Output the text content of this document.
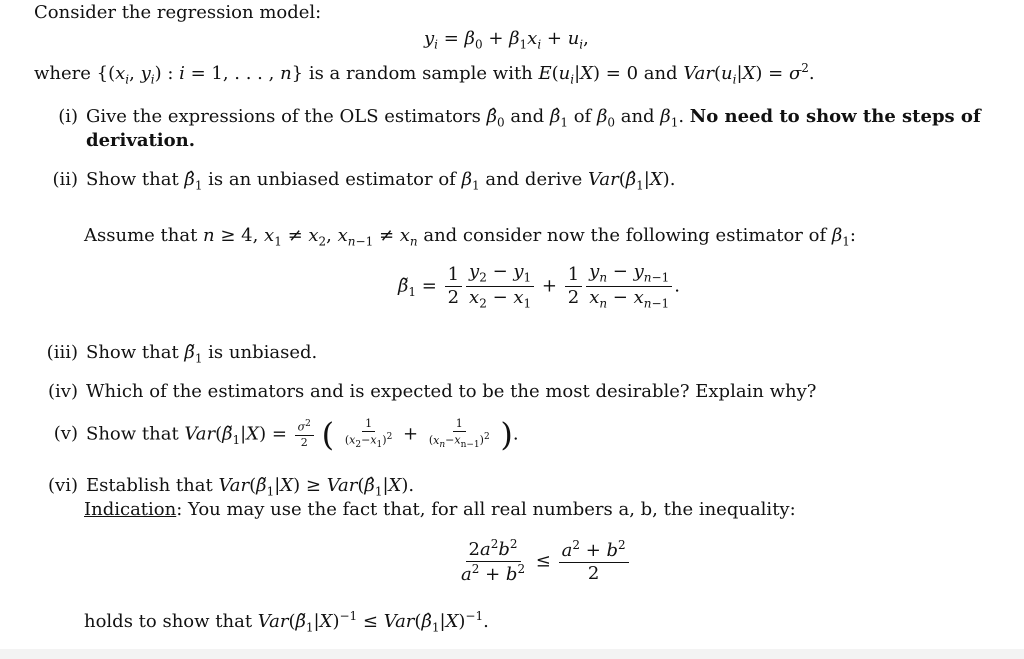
Consider the regression model:
$y_i = \beta_0 + \beta_1x_i + u_i$,
where {($x_i$, $y_i$) : i = 1, . . . , n} is a random sample with $E(u_i|X) = 0$ and $Var(u_i|X) = \sigma^2$.
(i) Give the expressions of the OLS estimators $\betâ_0$ and $\betâ_1$ of $\beta_0$ and $\beta_1$. No need to show the steps of
derivation.
(ii) Show that $\betâ_1$ is an unbiased estimator of $\beta_1$ and derive $Var(\betâ_1|X)$.
Assume that n ≥ 4, $x_1 \ne x_2$, $x_{n-1} \ne x_n$ and consider now the following estimator of $\beta_1$:
$\betã_1 = \frac{1}{2} \frac{y_2 - y_1}{x_2 - x_1} + \frac{1}{2} \frac{y_n - y_{n-1}}{x_n - x_{n-1}}$ .
(iii) Show that $\betã_1$ is unbiased.
(iv) Which of the estimators and is expected to be the most desirable? Explain why?
(v) Show that $Var(\betã_1|X) = \frac{\sigma^2}{2}$ ( $\frac{1}{(x_2-x_1)^2} + \frac{1}{(x_n-x_{n-1})^2}$ ).
(vi) Establish that $Var(\betã_1|X)$ ≥ $Var(\betâ_1|X)$.
Indication: You may use the fact that, for all real numbers a, b, the inequality:
$\frac{2a^2b^2}{a^2 + b^2} \le \frac{a^2 + b^2}{2}$
holds to show that $Var(\betã_1|X)^{-1}$ ≤ $Var(\betâ_1|X)^{-1}$.
